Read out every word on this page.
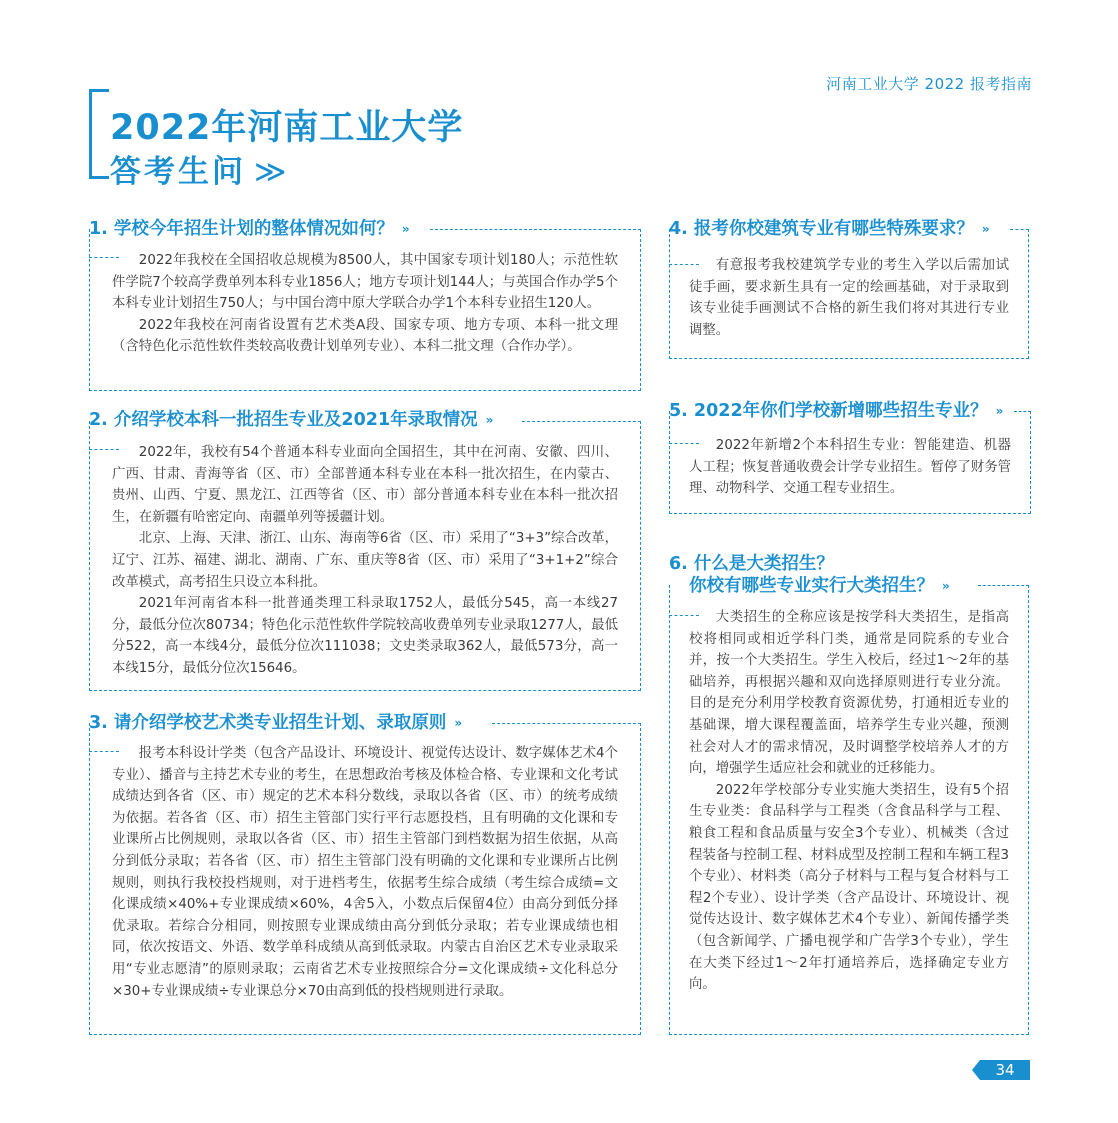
河南工业大学 2022 报考指南
2022年河南工业大学
答考生问 ≫
1. 学校今年招生计划的整体情况如何？ »

2022年我校在全国招收总规模为8500人，其中国家专项计划180人；示范性软件学院7个较高学费单列本科专业1856人；地方专项计划144人；与英国合作办学5个本科专业计划招生750人；与中国台湾中原大学联合办学1个本科专业招生120人。

2022年我校在河南省设置有艺术类A段、国家专项、地方专项、本科一批文理（含特色化示范性软件类较高收费计划单列专业）、本科二批文理（合作办学）。

2. 介绍学校本科一批招生专业及2021年录取情况 »

2022年，我校有54个普通本科专业面向全国招生，其中在河南、安徽、四川、广西、甘肃、青海等省（区、市）全部普通本科专业在本科一批次招生，在内蒙古、贵州、山西、宁夏、黑龙江、江西等省（区、市）部分普通本科专业在本科一批次招生，在新疆有哈密定向、南疆单列等援疆计划。

北京、上海、天津、浙江、山东、海南等6省（区、市）采用了“3+3”综合改革，辽宁、江苏、福建、湖北、湖南、广东、重庆等8省（区、市）采用了“3+1+2”综合改革模式，高考招生只设立本科批。

2021年河南省本科一批普通类理工科录取1752人，最低分545，高一本线27分，最低分位次80734；特色化示范性软件学院较高收费单列专业录取1277人，最低分522，高一本线4分，最低分位次111038；文史类录取362人，最低573分，高一本线15分，最低分位次15646。

3. 请介绍学校艺术类专业招生计划、录取原则 »

报考本科设计学类（包含产品设计、环境设计、视觉传达设计、数字媒体艺术4个专业）、播音与主持艺术专业的考生，在思想政治考核及体检合格、专业课和文化考试成绩达到各省（区、市）规定的艺术本科分数线，录取以各省（区、市）的统考成绩为依据。若各省（区、市）招生主管部门实行平行志愿投档，且有明确的文化课和专业课所占比例规则，录取以各省（区、市）招生主管部门到档数据为招生依据，从高分到低分录取；若各省（区、市）招生主管部门没有明确的文化课和专业课所占比例规则，则执行我校投档规则，对于进档考生，依据考生综合成绩（考生综合成绩=文化课成绩×40%+专业课成绩×60%，4舍5入，小数点后保留4位）由高分到低分择优录取。若综合分相同，则按照专业课成绩由高分到低分录取；若专业课成绩也相同，依次按语文、外语、数学单科成绩从高到低录取。内蒙古自治区艺术专业录取采用“专业志愿清”的原则录取；云南省艺术专业按照综合分=文化课成绩÷文化科总分×30+专业课成绩÷专业课总分×70由高到低的投档规则进行录取。

4. 报考你校建筑专业有哪些特殊要求？ »

有意报考我校建筑学专业的考生入学以后需加试徒手画，要求新生具有一定的绘画基础，对于录取到该专业徒手画测试不合格的新生我们将对其进行专业调整。

5. 2022年你们学校新增哪些招生专业？ »

2022年新增2个本科招生专业：智能建造、机器人工程；恢复普通收费会计学专业招生。暂停了财务管理、动物科学、交通工程专业招生。

6. 什么是大类招生？
你校有哪些专业实行大类招生？ »

大类招生的全称应该是按学科大类招生，是指高校将相同或相近学科门类，通常是同院系的专业合并，按一个大类招生。学生入校后，经过1～2年的基础培养，再根据兴趣和双向选择原则进行专业分流。目的是充分利用学校教育资源优势，打通相近专业的基础课，增大课程覆盖面，培养学生专业兴趣，预测社会对人才的需求情况，及时调整学校培养人才的方向，增强学生适应社会和就业的迁移能力。

2022年学校部分专业实施大类招生，设有5个招生专业类：食品科学与工程类（含食品科学与工程、粮食工程和食品质量与安全3个专业）、机械类（含过程装备与控制工程、材料成型及控制工程和车辆工程3个专业）、材料类（高分子材料与工程与复合材料与工程2个专业）、设计学类（含产品设计、环境设计、视觉传达设计、数字媒体艺术4个专业）、新闻传播学类（包含新闻学、广播电视学和广告学3个专业），学生在大类下经过1～2年打通培养后，选择确定专业方向。

34
